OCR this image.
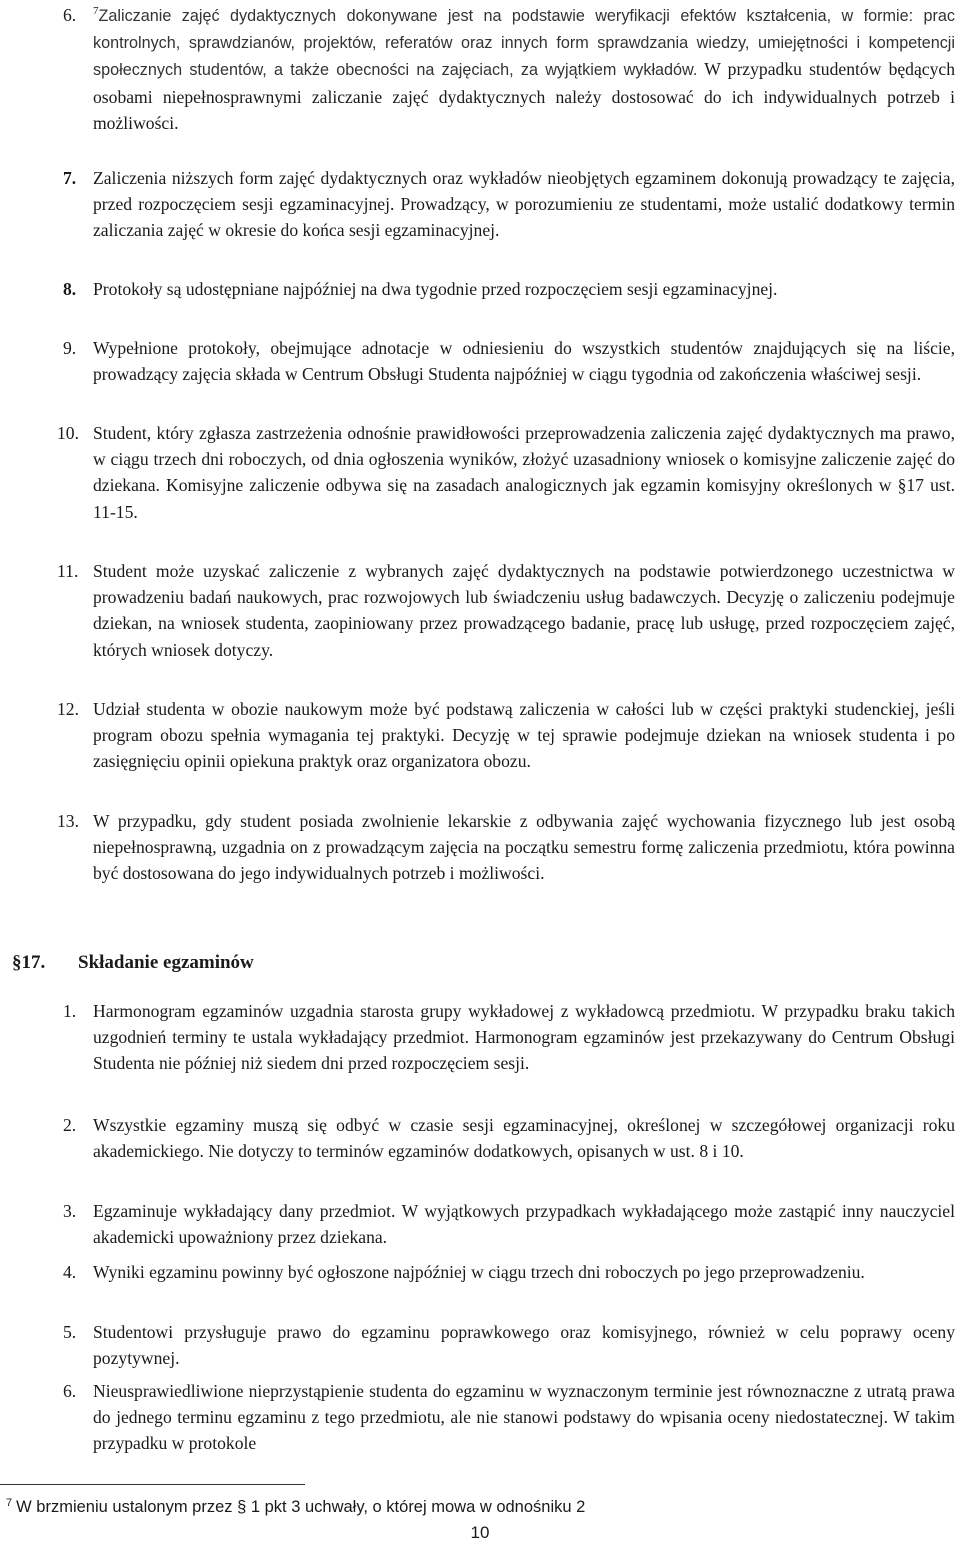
6. $^7$Zaliczanie zajęć dydaktycznych dokonywane jest na podstawie weryfikacji efektów kształcenia, w formie: prac kontrolnych, sprawdzianów, projektów, referatów oraz innych form sprawdzania wiedzy, umiejętności i kompetencji społecznych studentów, a także obecności na zajęciach, za wyjątkiem wykładów. W przypadku studentów będących osobami niepełnosprawnymi zaliczanie zajęć dydaktycznych należy dostosować do ich indywidualnych potrzeb i możliwości.

7. Zaliczenia niższych form zajęć dydaktycznych oraz wykładów nieobjętych egzaminem dokonują prowadzący te zajęcia, przed rozpoczęciem sesji egzaminacyjnej. Prowadzący, w porozumieniu ze studentami, może ustalić dodatkowy termin zaliczania zajęć w okresie do końca sesji egzaminacyjnej.

8. Protokoły są udostępniane najpóźniej na dwa tygodnie przed rozpoczęciem sesji egzaminacyjnej.

9. Wypełnione protokoły, obejmujące adnotacje w odniesieniu do wszystkich studentów znajdujących się na liście, prowadzący zajęcia składa w Centrum Obsługi Studenta najpóźniej w ciągu tygodnia od zakończenia właściwej sesji.

10. Student, który zgłasza zastrzeżenia odnośnie prawidłowości przeprowadzenia zaliczenia zajęć dydaktycznych ma prawo, w ciągu trzech dni roboczych, od dnia ogłoszenia wyników, złożyć uzasadniony wniosek o komisyjne zaliczenie zajęć do dziekana. Komisyjne zaliczenie odbywa się na zasadach analogicznych jak egzamin komisyjny określonych w §17 ust. 11-15.

11. Student może uzyskać zaliczenie z wybranych zajęć dydaktycznych na podstawie potwierdzonego uczestnictwa w prowadzeniu badań naukowych, prac rozwojowych lub świadczeniu usług badawczych. Decyzję o zaliczeniu podejmuje dziekan, na wniosek studenta, zaopiniowany przez prowadzącego badanie, pracę lub usługę, przed rozpoczęciem zajęć, których wniosek dotyczy.

12. Udział studenta w obozie naukowym może być podstawą zaliczenia w całości lub w części praktyki studenckiej, jeśli program obozu spełnia wymagania tej praktyki. Decyzję w tej sprawie podejmuje dziekan na wniosek studenta i po zasięgnięciu opinii opiekuna praktyk oraz organizatora obozu.

13. W przypadku, gdy student posiada zwolnienie lekarskie z odbywania zajęć wychowania fizycznego lub jest osobą niepełnosprawną, uzgadnia on z prowadzącym zajęcia na początku semestru formę zaliczenia przedmiotu, która powinna być dostosowana do jego indywidualnych potrzeb i możliwości.

§17. Składanie egzaminów

1. Harmonogram egzaminów uzgadnia starosta grupy wykładowej z wykładowcą przedmiotu. W przypadku braku takich uzgodnień terminy te ustala wykładający przedmiot. Harmonogram egzaminów jest przekazywany do Centrum Obsługi Studenta nie później niż siedem dni przed rozpoczęciem sesji.

2. Wszystkie egzaminy muszą się odbyć w czasie sesji egzaminacyjnej, określonej w szczegółowej organizacji roku akademickiego. Nie dotyczy to terminów egzaminów dodatkowych, opisanych w ust. 8 i 10.

3. Egzaminuje wykładający dany przedmiot. W wyjątkowych przypadkach wykładającego może zastąpić inny nauczyciel akademicki upoważniony przez dziekana.

4. Wyniki egzaminu powinny być ogłoszone najpóźniej w ciągu trzech dni roboczych po jego przeprowadzeniu.

5. Studentowi przysługuje prawo do egzaminu poprawkowego oraz komisyjnego, również w celu poprawy oceny pozytywnej.

6. Nieusprawiedliwione nieprzystąpienie studenta do egzaminu w wyznaczonym terminie jest równoznaczne z utratą prawa do jednego terminu egzaminu z tego przedmiotu, ale nie stanowi podstawy do wpisania oceny niedostatecznej. W takim przypadku w protokole

$^7$ W brzmieniu ustalonym przez § 1 pkt 3 uchwały, o której mowa w odnośniku 2
10
